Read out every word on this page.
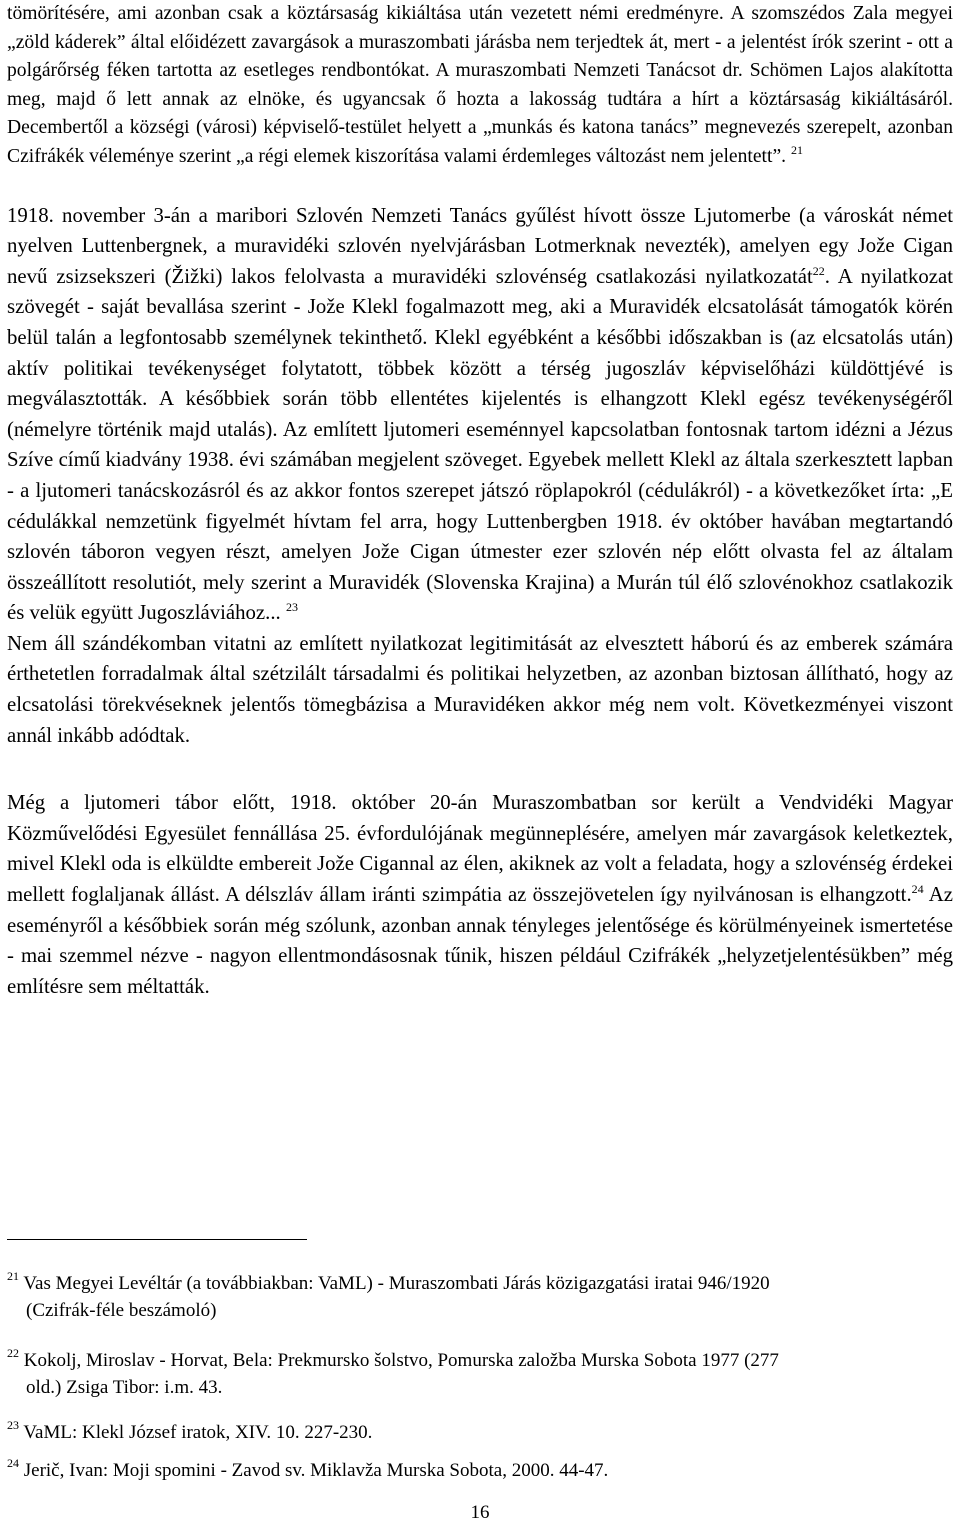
tömörítésére, ami azonban csak a köztársaság kikiáltása után vezetett némi eredményre. A szomszédos Zala megyei „zöld káderek” által előidézett zavargások a muraszombati járásba nem terjedtek át, mert - a jelentést írók szerint - ott a polgárőrség féken tartotta az esetleges rendbontókat. A muraszombati Nemzeti Tanácsot dr. Schömen Lajos alakította meg, majd ő lett annak az elnöke, és ugyancsak ő hozta a lakosság tudtára a hírt a köztársaság kikiáltásáról. Decembertől a községi (városi) képviselő-testület helyett a „munkás és katona tanács” megnevezés szerepelt, azonban Czifrákék véleménye szerint „a régi elemek kiszorítása valami érdemleges változást nem jelentett”. $^{21}$

1918. november 3-án a maribori Szlovén Nemzeti Tanács gyűlést hívott össze Ljutomerbe (a városkát német nyelven Luttenbergnek, a muravidéki szlovén nyelvjárásban Lotmerknak nevezték), amelyen egy Jože Cigan nevű zsizsekszeri (Žižki) lakos felolvasta a muravidéki szlovénség csatlakozási nyilatkozatát$^{22}$. A nyilatkozat szövegét - saját bevallása szerint - Jože Klekl fogalmazott meg, aki a Muravidék elcsatolását támogatók körén belül talán a legfontosabb személynek tekinthető. Klekl egyébként a későbbi időszakban is (az elcsatolás után) aktív politikai tevékenységet folytatott, többek között a térség jugoszláv képviselőházi küldöttjévé is megválasztották. A későbbiek során több ellentétes kijelentés is elhangzott Klekl egész tevékenységéről (némelyre történik majd utalás). Az említett ljutomeri eseménnyel kapcsolatban fontosnak tartom idézni a Jézus Szíve című kiadvány 1938. évi számában megjelent szöveget. Egyebek mellett Klekl az általa szerkesztett lapban - a ljutomeri tanácskozásról és az akkor fontos szerepet játszó röplapokról (cédulákról) - a következőket írta: „E cédulákkal nemzetünk figyelmét hívtam fel arra, hogy Luttenbergben 1918. év október havában megtartandó szlovén táboron vegyen részt, amelyen Jože Cigan útmester ezer szlovén nép előtt olvasta fel az általam összeállított resolutiót, mely szerint a Muravidék (Slovenska Krajina) a Murán túl élő szlovénokhoz csatlakozik és velük együtt Jugoszláviához... $^{23}$

Nem áll szándékomban vitatni az említett nyilatkozat legitimitását az elvesztett háború és az emberek számára érthetetlen forradalmak által szétzilált társadalmi és politikai helyzetben, az azonban biztosan állítható, hogy az elcsatolási törekvéseknek jelentős tömegbázisa a Muravidéken akkor még nem volt. Következményei viszont annál inkább adódtak.

Még a ljutomeri tábor előtt, 1918. október 20-án Muraszombatban sor került a Vendvidéki Magyar Közművelődési Egyesület fennállása 25. évfordulójának megünneplésére, amelyen már zavargások keletkeztek, mivel Klekl oda is elküldte embereit Jože Cigannal az élen, akiknek az volt a feladata, hogy a szlovénség érdekei mellett foglaljanak állást. A délszláv állam iránti szimpátia az összejövetelen így nyilvánosan is elhangzott.$^{24}$ Az eseményről a későbbiek során még szólunk, azonban annak tényleges jelentősége és körülményeinek ismertetése - mai szemmel nézve - nagyon ellentmondásosnak tűnik, hiszen például Czifrákék „helyzetjelentésükben” még említésre sem méltatták.

$^{21}$ Vas Megyei Levéltár (a továbbiakban: VaML) - Muraszombati Járás közigazgatási iratai 946/1920
(Czifrák-féle beszámoló)
$^{22}$ Kokolj, Miroslav - Horvat, Bela: Prekmursko šolstvo, Pomurska založba Murska Sobota 1977 (277
old.) Zsiga Tibor: i.m. 43.
$^{23}$ VaML: Klekl József iratok, XIV. 10. 227-230.
$^{24}$ Jerič, Ivan: Moji spomini - Zavod sv. Miklavža Murska Sobota, 2000. 44-47.
16
